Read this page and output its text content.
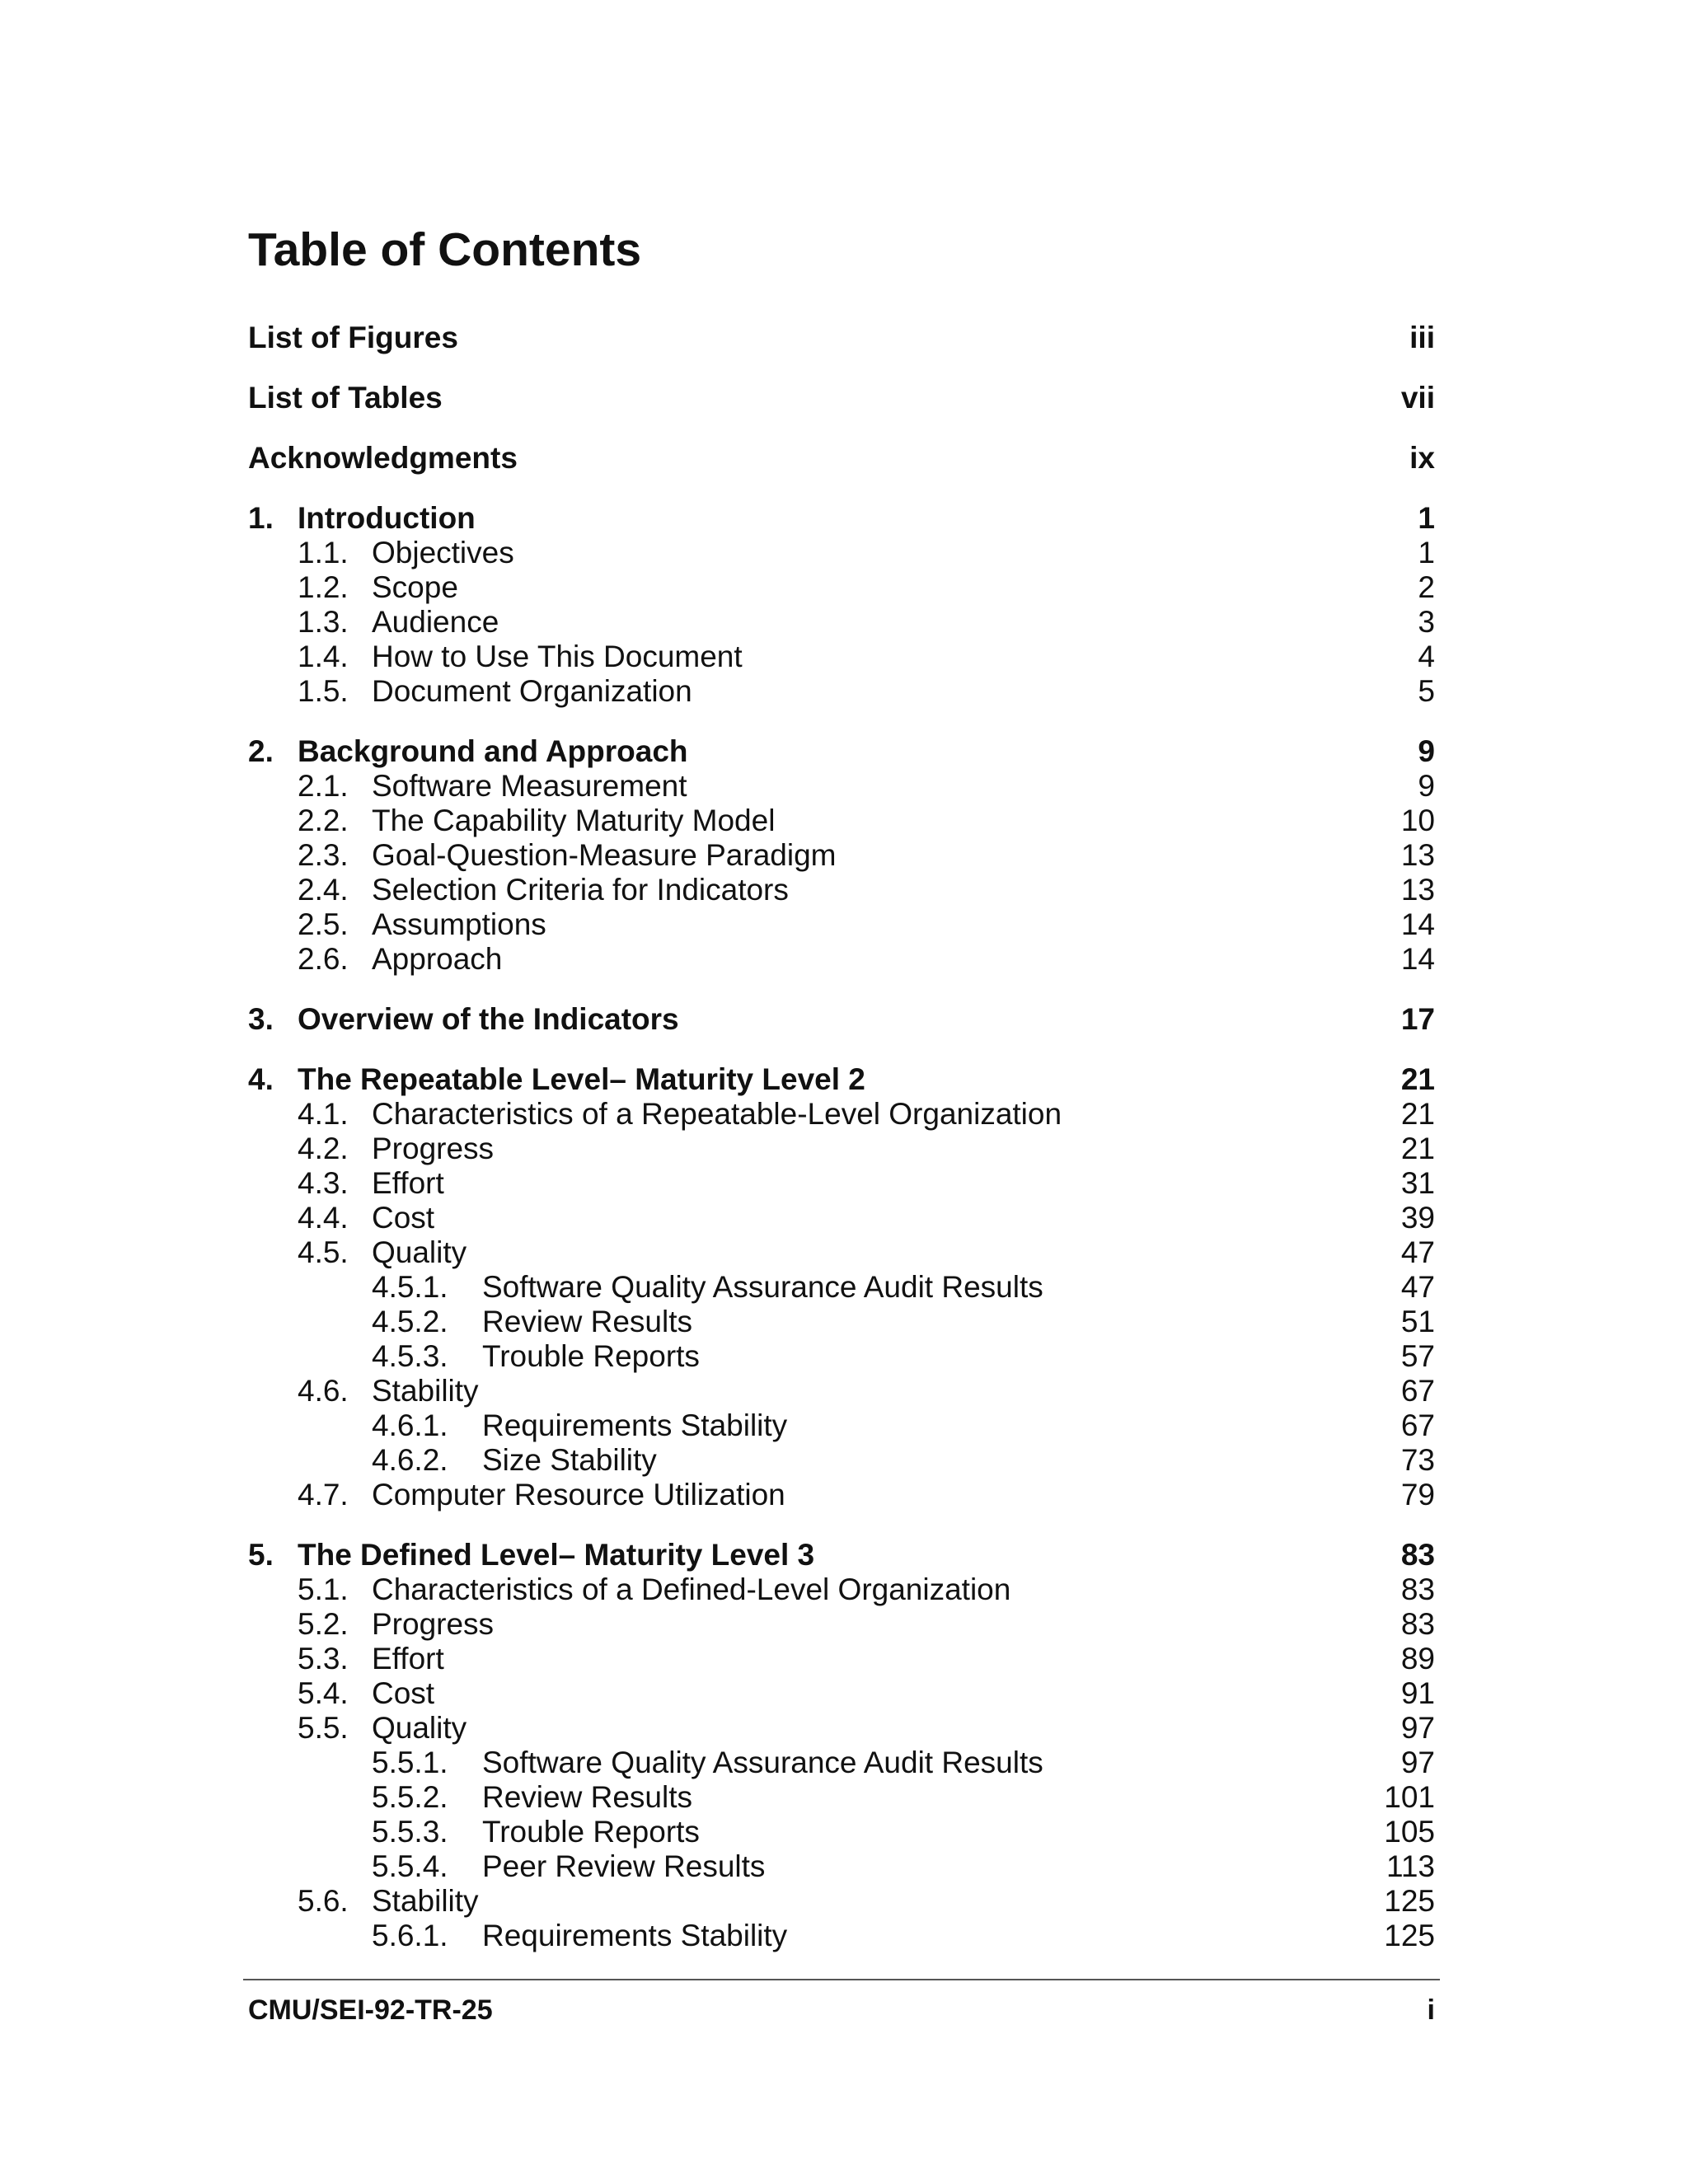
Table of Contents
List of Figures	iii
List of Tables	vii
Acknowledgments	ix
1. Introduction	1
1.1. Objectives	1
1.2. Scope	2
1.3. Audience	3
1.4. How to Use This Document	4
1.5. Document Organization	5
2. Background and Approach	9
2.1. Software Measurement	9
2.2. The Capability Maturity Model	10
2.3. Goal-Question-Measure Paradigm	13
2.4. Selection Criteria for Indicators	13
2.5. Assumptions	14
2.6. Approach	14
3. Overview of the Indicators	17
4. The Repeatable Level– Maturity Level 2	21
4.1. Characteristics of a Repeatable-Level Organization	21
4.2. Progress	21
4.3. Effort	31
4.4. Cost	39
4.5. Quality	47
4.5.1. Software Quality Assurance Audit Results	47
4.5.2. Review Results	51
4.5.3. Trouble Reports	57
4.6. Stability	67
4.6.1. Requirements Stability	67
4.6.2. Size Stability	73
4.7. Computer Resource Utilization	79
5. The Defined Level– Maturity Level 3	83
5.1. Characteristics of a Defined-Level Organization	83
5.2. Progress	83
5.3. Effort	89
5.4. Cost	91
5.5. Quality	97
5.5.1. Software Quality Assurance Audit Results	97
5.5.2. Review Results	101
5.5.3. Trouble Reports	105
5.5.4. Peer Review Results	113
5.6. Stability	125
5.6.1. Requirements Stability	125
CMU/SEI-92-TR-25	i
